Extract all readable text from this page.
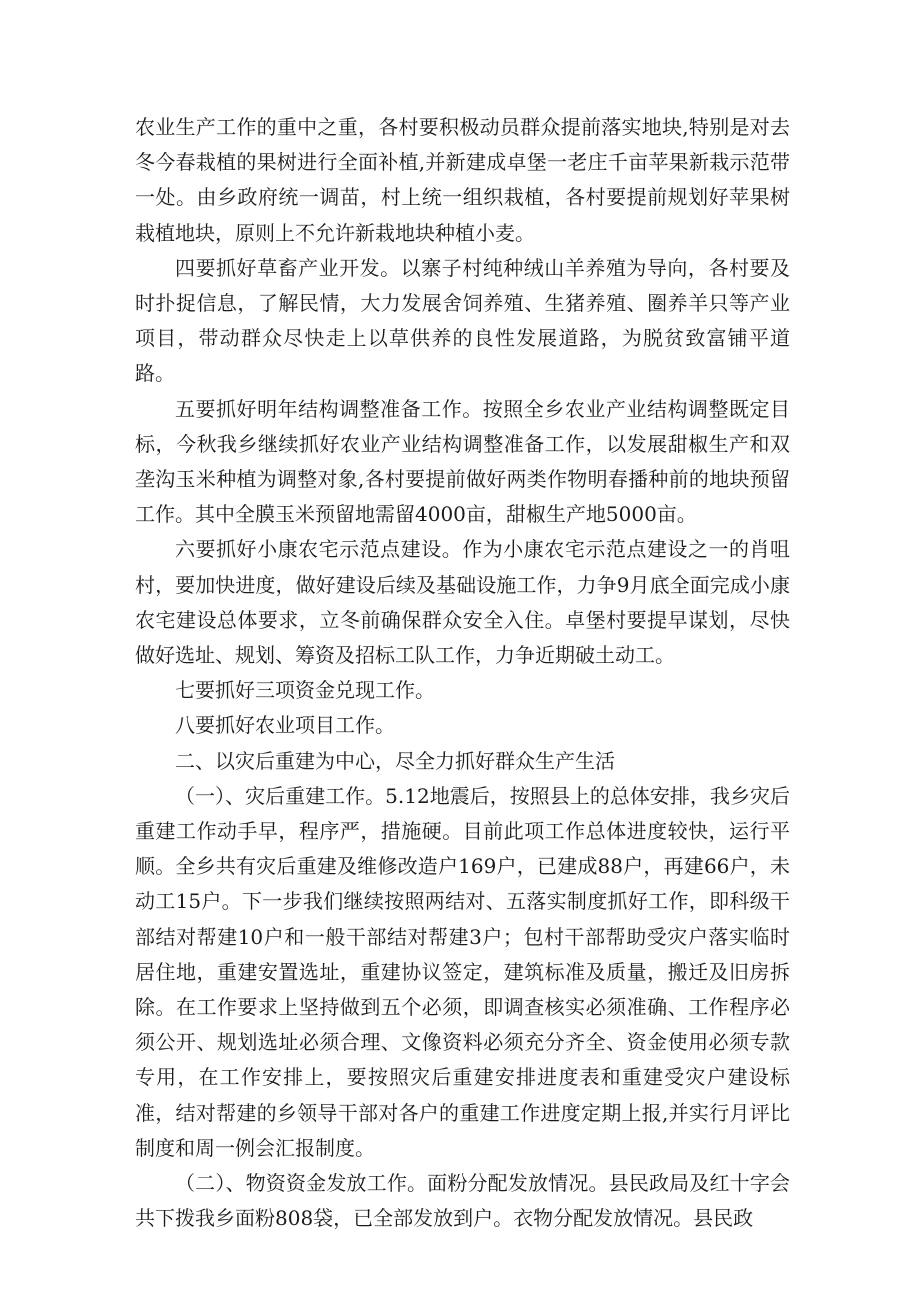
农业生产工作的重中之重，各村要积极动员群众提前落实地块,特别是对去冬今春栽植的果树进行全面补植,并新建成卓堡一老庄千亩苹果新栽示范带一处。由乡政府统一调苗，村上统一组织栽植，各村要提前规划好苹果树栽植地块，原则上不允许新栽地块种植小麦。

四要抓好草畜产业开发。以寨子村纯种绒山羊养殖为导向，各村要及时扑捉信息，了解民情，大力发展舍饲养殖、生猪养殖、圈养羊只等产业项目，带动群众尽快走上以草供养的良性发展道路，为脱贫致富铺平道路。

五要抓好明年结构调整准备工作。按照全乡农业产业结构调整既定目标，今秋我乡继续抓好农业产业结构调整准备工作，以发展甜椒生产和双垄沟玉米种植为调整对象,各村要提前做好两类作物明春播种前的地块预留工作。其中全膜玉米预留地需留4000亩，甜椒生产地5000亩。

六要抓好小康农宅示范点建设。作为小康农宅示范点建设之一的肖咀村，要加快进度，做好建设后续及基础设施工作，力争9月底全面完成小康农宅建设总体要求，立冬前确保群众安全入住。卓堡村要提早谋划，尽快做好选址、规划、筹资及招标工队工作，力争近期破土动工。

七要抓好三项资金兑现工作。

八要抓好农业项目工作。

二、以灾后重建为中心，尽全力抓好群众生产生活

（一）、灾后重建工作。5.12地震后，按照县上的总体安排，我乡灾后重建工作动手早，程序严，措施硬。目前此项工作总体进度较快，运行平顺。全乡共有灾后重建及维修改造户169户，已建成88户，再建66户，未动工15户。下一步我们继续按照两结对、五落实制度抓好工作，即科级干部结对帮建10户和一般干部结对帮建3户；包村干部帮助受灾户落实临时居住地，重建安置选址，重建协议签定，建筑标准及质量，搬迁及旧房拆除。在工作要求上坚持做到五个必须，即调查核实必须准确、工作程序必须公开、规划选址必须合理、文像资料必须充分齐全、资金使用必须专款专用，在工作安排上，要按照灾后重建安排进度表和重建受灾户建设标准，结对帮建的乡领导干部对各户的重建工作进度定期上报,并实行月评比制度和周一例会汇报制度。

（二）、物资资金发放工作。面粉分配发放情况。县民政局及红十字会共下拨我乡面粉808袋，已全部发放到户。衣物分配发放情况。县民政
